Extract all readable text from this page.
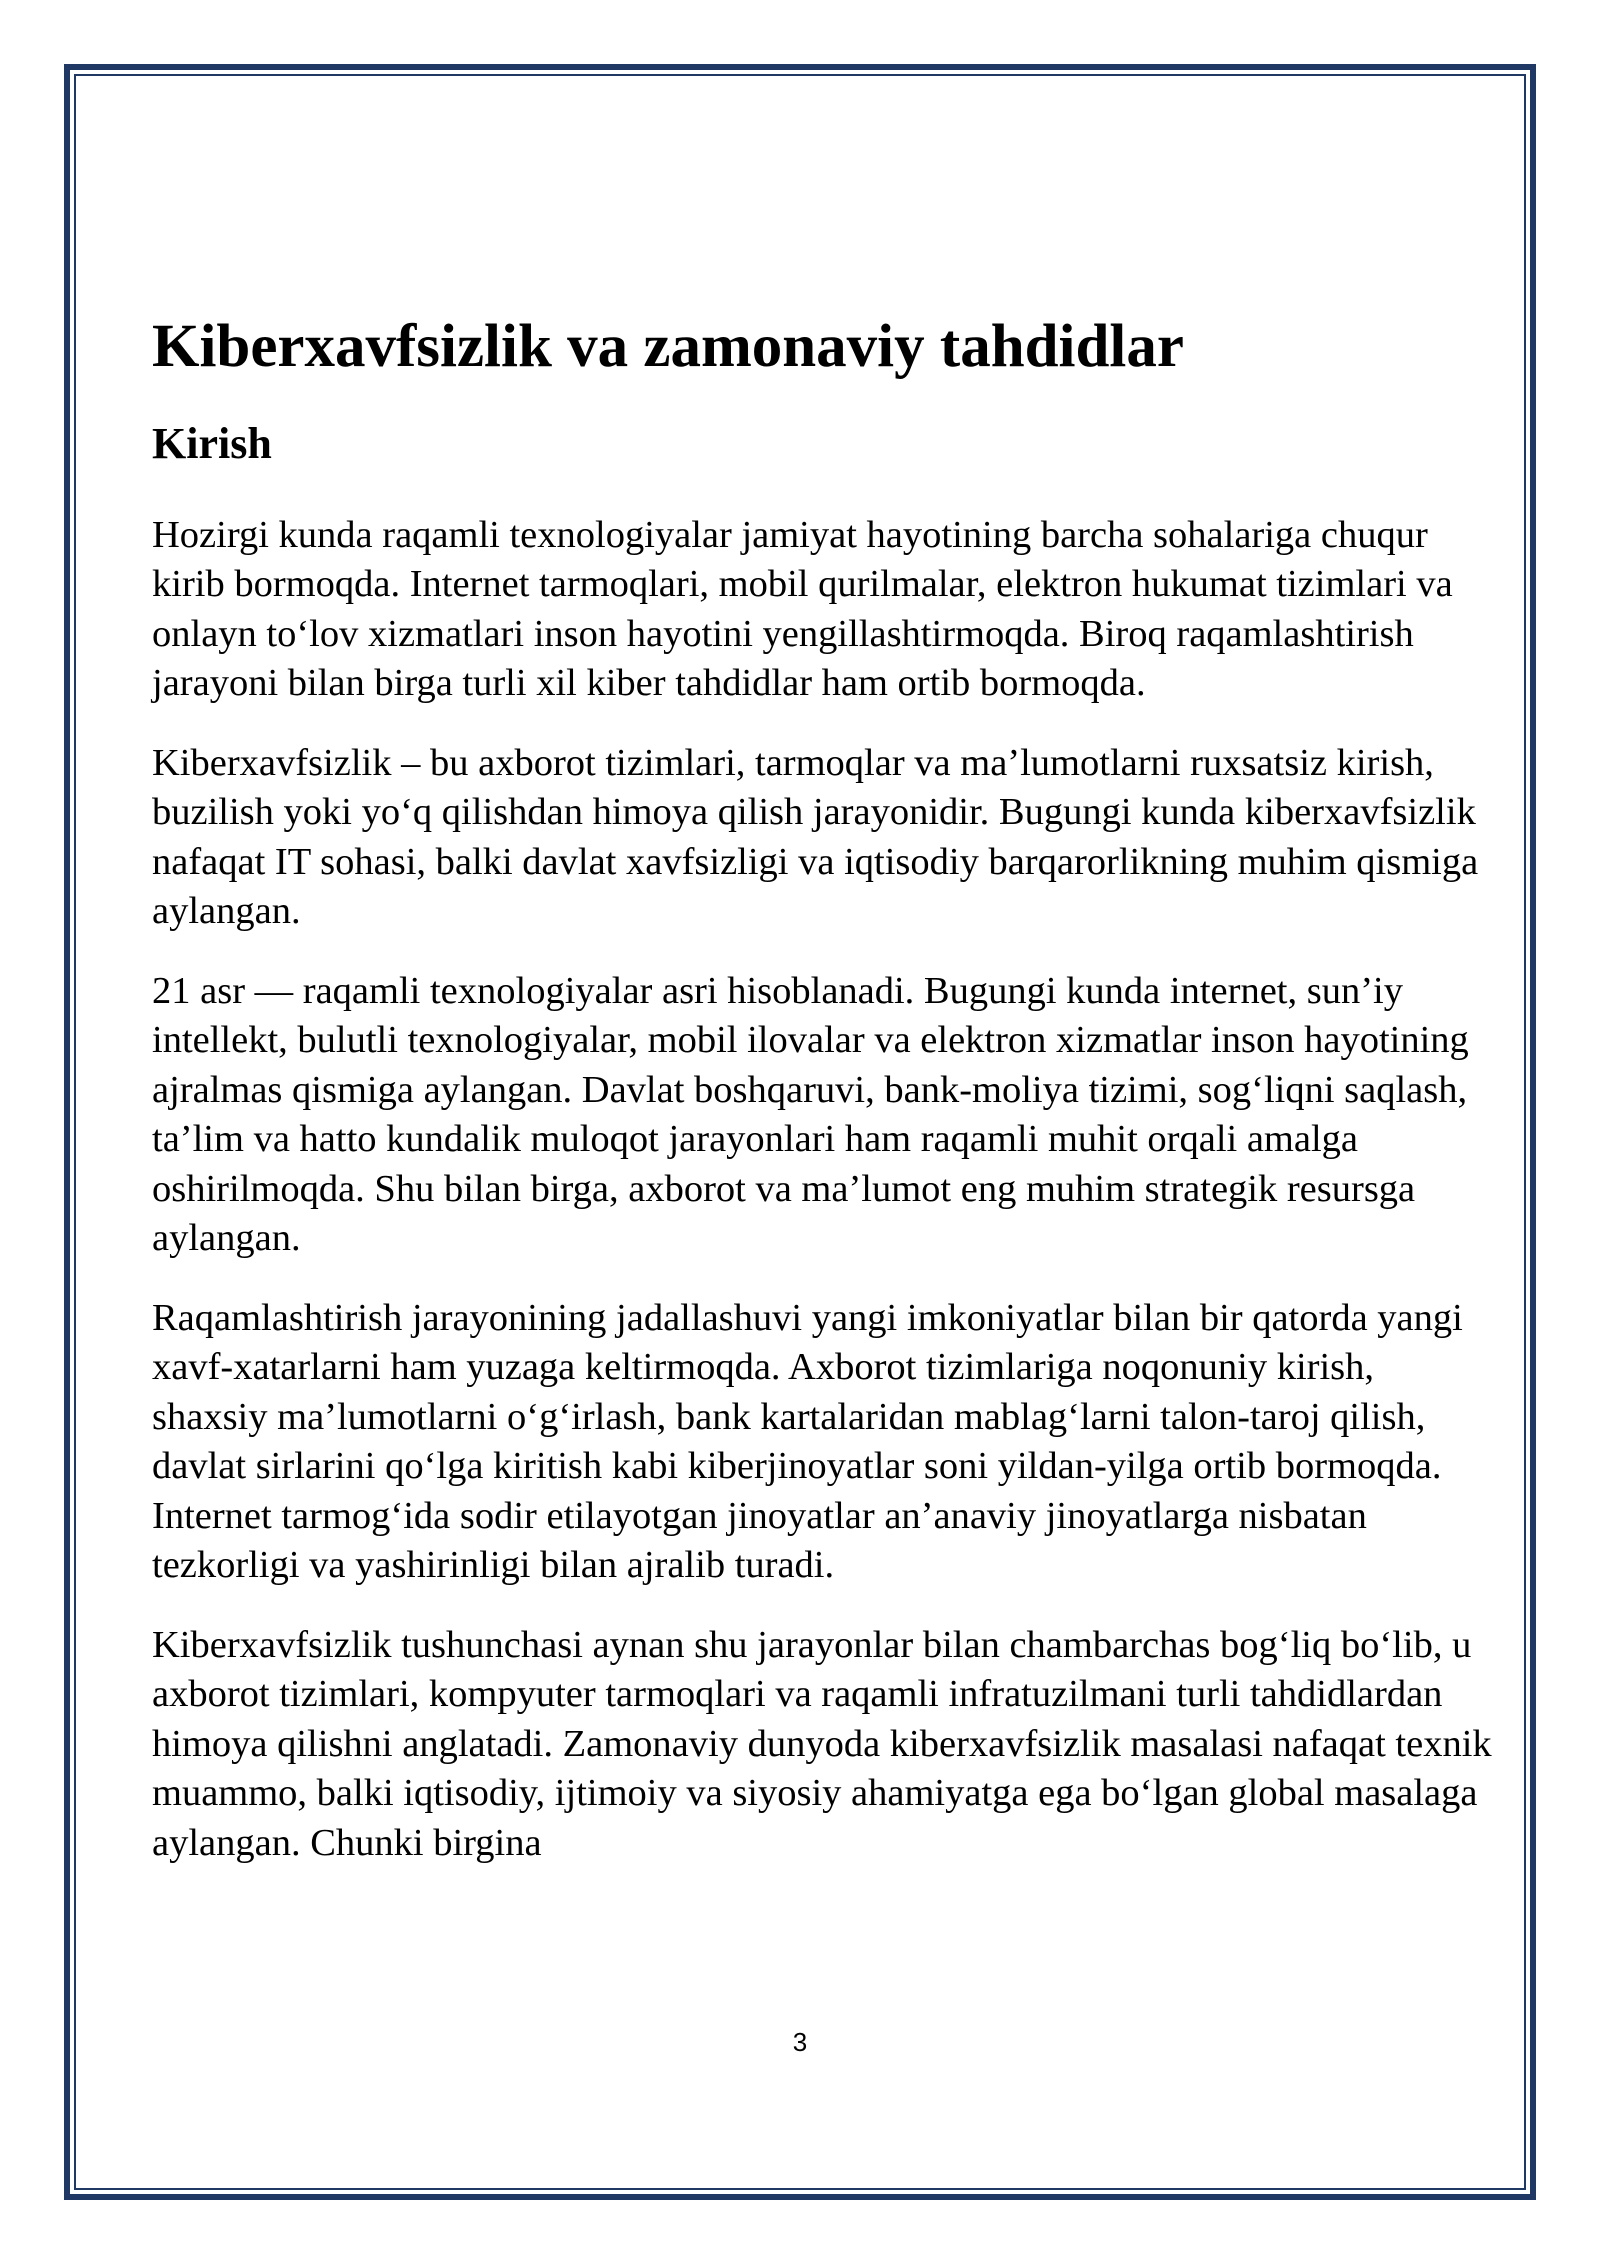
Kiberxavfsizlik va zamonaviy tahdidlar
Kirish

Hozirgi kunda raqamli texnologiyalar jamiyat hayotining barcha sohalariga chuqur kirib bormoqda. Internet tarmoqlari, mobil qurilmalar, elektron hukumat tizimlari va onlayn to‘lov xizmatlari inson hayotini yengillashtirmoqda. Biroq raqamlashtirish jarayoni bilan birga turli xil kiber tahdidlar ham ortib bormoqda.

Kiberxavfsizlik – bu axborot tizimlari, tarmoqlar va ma’lumotlarni ruxsatsiz kirish, buzilish yoki yo‘q qilishdan himoya qilish jarayonidir. Bugungi kunda kiberxavfsizlik nafaqat IT sohasi, balki davlat xavfsizligi va iqtisodiy barqarorlikning muhim qismiga aylangan.

21 asr — raqamli texnologiyalar asri hisoblanadi. Bugungi kunda internet, sun’iy intellekt, bulutli texnologiyalar, mobil ilovalar va elektron xizmatlar inson hayotining ajralmas qismiga aylangan. Davlat boshqaruvi, bank-moliya tizimi, sog‘liqni saqlash, ta’lim va hatto kundalik muloqot jarayonlari ham raqamli muhit orqali amalga oshirilmoqda. Shu bilan birga, axborot va ma’lumot eng muhim strategik resursga aylangan.

Raqamlashtirish jarayonining jadallashuvi yangi imkoniyatlar bilan bir qatorda yangi xavf-xatarlarni ham yuzaga keltirmoqda. Axborot tizimlariga noqonuniy kirish, shaxsiy ma’lumotlarni o‘g‘irlash, bank kartalaridan mablag‘larni talon-taroj qilish, davlat sirlarini qo‘lga kiritish kabi kiberjinoyatlar soni yildan-yilga ortib bormoqda. Internet tarmog‘ida sodir etilayotgan jinoyatlar an’anaviy jinoyatlarga nisbatan tezkorligi va yashirinligi bilan ajralib turadi.

Kiberxavfsizlik tushunchasi aynan shu jarayonlar bilan chambarchas bog‘liq bo‘lib, u axborot tizimlari, kompyuter tarmoqlari va raqamli infratuzilmani turli tahdidlardan himoya qilishni anglatadi. Zamonaviy dunyoda kiberxavfsizlik masalasi nafaqat texnik muammo, balki iqtisodiy, ijtimoiy va siyosiy ahamiyatga ega bo‘lgan global masalaga aylangan. Chunki birgina

3
